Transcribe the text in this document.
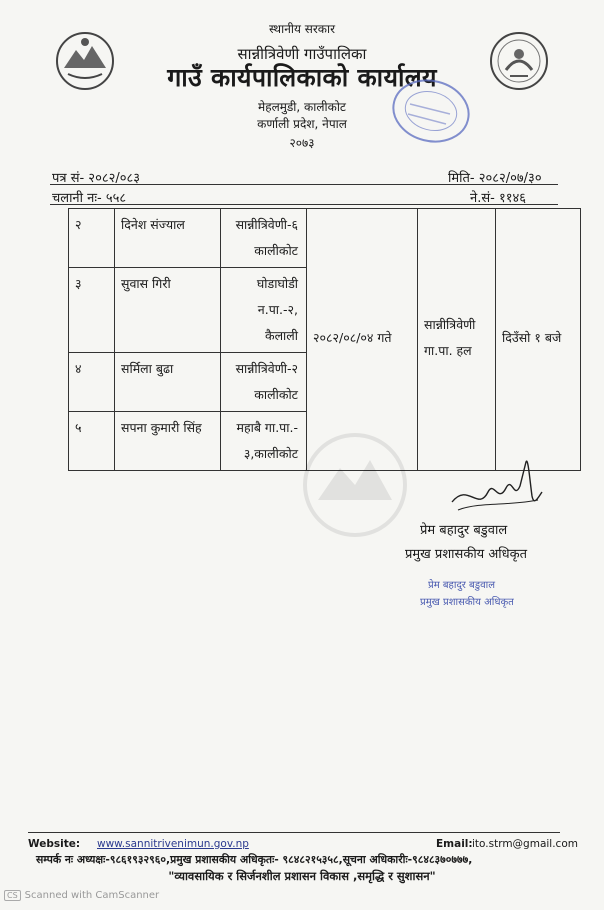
स्थानीय सरकार
सान्नीत्रिवेणी गाउँपालिका
गाउँ कार्यपालिकाको कार्यालय
मेहलमुडी, कालीकोट
कर्णाली प्रदेश, नेपाल
२०७३
पत्र सं- २०८२/०८३	मिति- २०८२/०७/३०
चलानी नः- ५५८	ने.सं- ११४६
२	दिनेश संज्याल	सान्नीत्रिवेणी-६ कालीकोट	२०८२/०८/०४ गते	सान्नीत्रिवेणी गा.पा. हल	दिउँसो १ बजे
३	सुवास गिरी	घोडाघोडी न.पा.-२, कैलाली			
४	सर्मिला बुढा	सान्नीत्रिवेणी-२ कालीकोट			
५	सपना कुमारी सिंह	महाबै गा.पा.- ३,कालीकोट			
प्रेम बहादुर बडुवाल
प्रमुख प्रशासकीय अधिकृत
प्रेम बहादुर बडुवाल
प्रमुख प्रशासकीय अधिकृत
Website: www.sannitrivenimun.gov.np	Email: ito.strm@gmail.com
सम्पर्क नः अध्यक्षः-९८६१९३२९६०,प्रमुख प्रशासकीय अधिकृतः- ९८४८२१५३५८,सूचना अधिकारीः-९८४८३७०७७७,
"व्यावसायिक र सिर्जनशील प्रशासन विकास ,समृद्धि र सुशासन"
CS Scanned with CamScanner
